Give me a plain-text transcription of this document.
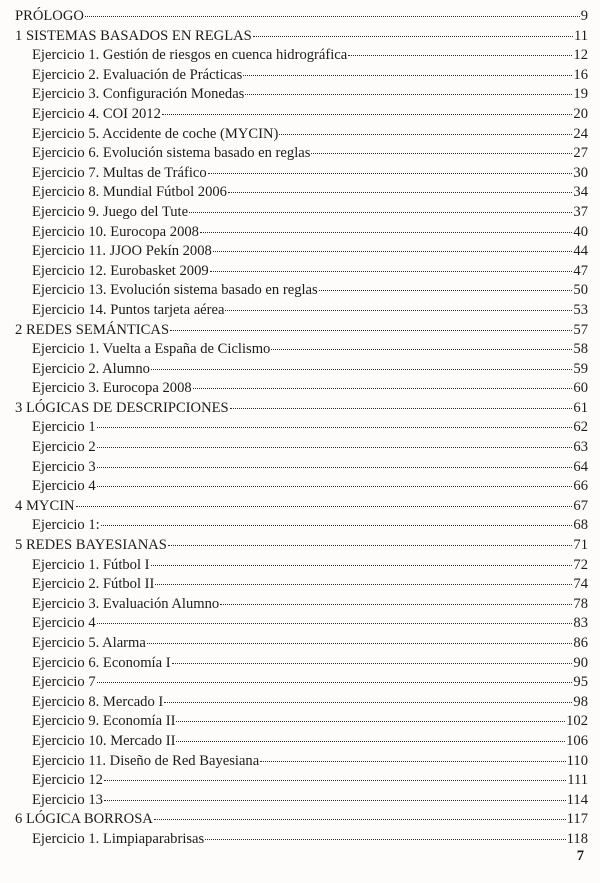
PRÓLOGO	9
1 SISTEMAS BASADOS EN REGLAS	11
Ejercicio 1. Gestión de riesgos en cuenca hidrográfica	12
Ejercicio 2. Evaluación de Prácticas	16
Ejercicio 3. Configuración Monedas	19
Ejercicio 4. COI 2012	20
Ejercicio 5. Accidente de coche (MYCIN)	24
Ejercicio 6. Evolución sistema basado en reglas	27
Ejercicio 7. Multas de Tráfico	30
Ejercicio 8. Mundial Fútbol 2006	34
Ejercicio 9. Juego del Tute	37
Ejercicio 10. Eurocopa 2008	40
Ejercicio 11. JJOO Pekín 2008	44
Ejercicio 12. Eurobasket 2009	47
Ejercicio 13. Evolución sistema basado en reglas	50
Ejercicio 14. Puntos tarjeta aérea	53
2 REDES SEMÁNTICAS	57
Ejercicio 1. Vuelta a España de Ciclismo	58
Ejercicio 2. Alumno	59
Ejercicio 3. Eurocopa 2008	60
3 LÓGICAS DE DESCRIPCIONES	61
Ejercicio 1	62
Ejercicio 2	63
Ejercicio 3	64
Ejercicio 4	66
4 MYCIN	67
Ejercicio 1:	68
5 REDES BAYESIANAS	71
Ejercicio 1. Fútbol I	72
Ejercicio 2. Fútbol II	74
Ejercicio 3. Evaluación Alumno	78
Ejercicio 4	83
Ejercicio 5. Alarma	86
Ejercicio 6. Economía I	90
Ejercicio 7	95
Ejercicio 8. Mercado I	98
Ejercicio 9. Economía II	102
Ejercicio 10. Mercado II	106
Ejercicio 11. Diseño de Red Bayesiana	110
Ejercicio 12	111
Ejercicio 13	114
6 LÓGICA BORROSA	117
Ejercicio 1. Limpiaparabrisas	118
7
